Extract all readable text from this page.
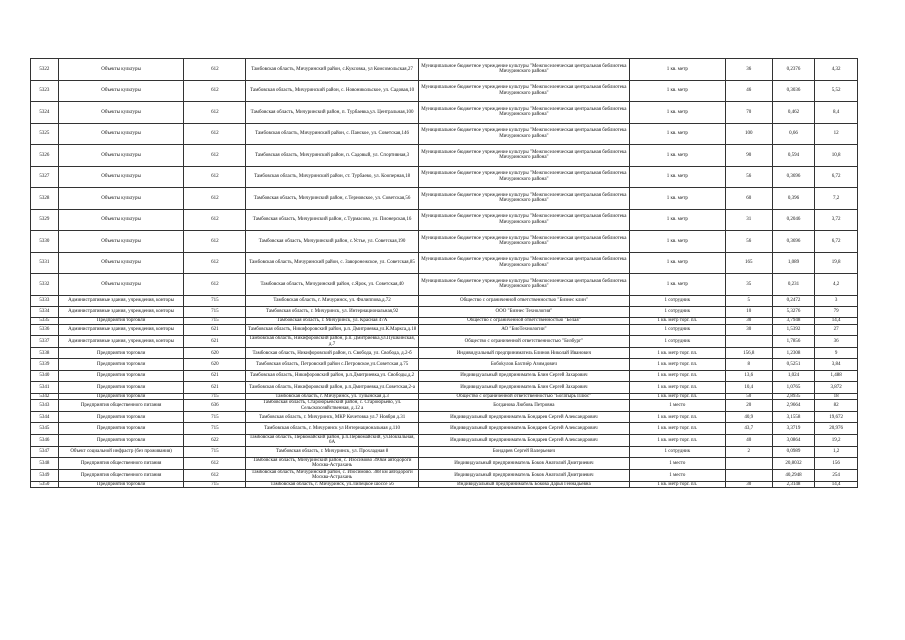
5322	Объекты культуры	612	Тамбовская область, Мичуринский район, с.Куксовка, ул Комсомольская,27	Муниципальное бюджетное учреждение культуры "Межпоселенческая центральная библиотека Мичуринского района"	1 кв. метр	36	0,2376	4,32
5323	Объекты культуры	612	Тамбовская область, Мичуринский район, с. Новоникольское, ул. Садовая,10	Муниципальное бюджетное учреждение культуры "Межпоселенческая центральная библиотека Мичуринского района"	1 кв. метр	46	0,3036	5,52
5324	Объекты культуры	612	Тамбовская область, Мичуринский район, п. Турбаевка,ул. Центральная,100	Муниципальное бюджетное учреждение культуры "Межпоселенческая центральная библиотека Мичуринского района"	1 кв. метр	70	0,462	8,4
5325	Объекты культуры	612	Тамбовская область, Мичуринский район, с. Панское, ул. Советская,146	Муниципальное бюджетное учреждение культуры "Межпоселенческая центральная библиотека Мичуринского района"	1 кв. метр	100	0,66	12
5326	Объекты культуры	612	Тамбовская область, Мичуринский район, п. Садовый, ул. Спортивная,3	Муниципальное бюджетное учреждение культуры "Межпоселенческая центральная библиотека Мичуринского района"	1 кв. метр	90	0,594	10,8
5327	Объекты культуры	612	Тамбовская область, Мичуринский район, ст. Турбаево, ул. Кооперная,18	Муниципальное бюджетное учреждение культуры "Межпоселенческая центральная библиотека Мичуринского района"	1 кв. метр	56	0,3696	6,72
5328	Объекты культуры	612	Тамбовская область, Мичуринский район, с.Терновское, ул. Советская,56	Муниципальное бюджетное учреждение культуры "Межпоселенческая центральная библиотека Мичуринского района"	1 кв. метр	60	0,396	7,2
5329	Объекты культуры	612	Тамбовская область, Мичуринский район, с.Турмасово, ул. Пионерская,16	Муниципальное бюджетное учреждение культуры "Межпоселенческая центральная библиотека Мичуринского района"	1 кв. метр	31	0,2046	3,72
5330	Объекты культуры	612	Тамбовская область, Мичуринский район, с.Устье, ул. Советская,190	Муниципальное бюджетное учреждение культуры "Межпоселенческая центральная библиотека Мичуринского района"	1 кв. метр	56	0,3696	6,72
5331	Объекты культуры	612	Тамбовская область, Мичуринский район, с. Заворонежское, ул. Советская,85	Муниципальное бюджетное учреждение культуры "Межпоселенческая центральная библиотека Мичуринского района"	1 кв. метр	165	1,089	19,8
5332	Объекты культуры	612	Тамбовская область, Мичуринский район, с.Ярок, ул. Советская,40	Муниципальное бюджетное учреждение культуры "Межпоселенческая центральная библиотека Мичуринского района"	1 кв. метр	35	0,231	4,2
5333	Административные здания, учреждения, конторы	715	Тамбовская область, г. Мичуринск, ул. Филиппова,д.72	Общество с ограниченной ответственностью "Бизнес клин"	1 сотрудник	5	0,2472	3
5334	Административные здания, учреждения, конторы	715	Тамбовская область, г. Мичуринск, ул. Интернациональная,92	ООО "Бизнес Технология"	1 сотрудник	10	5,3276	79
5335	Предприятия торговли	715	Тамбовская область, г. Мичуринск, ул. Красная 47А	Общество с ограниченной ответственностью "Белая"	1 кв. метр торг. пл.	30	3,7948	14,4
5336	Административные здания, учреждения, конторы	621	Тамбовская область, Никифоровский район, р.п. Дмитриевка,ул.К.Маркса,д.18	АО "БиоТехнологии"	1 сотрудник	30	1,5392	27
5337	Административные здания, учреждения, конторы	621	Тамбовская область, Никифоровский район, р.п. Дмитриевка,ул.Пушкинская, д.7	Общество с ограниченной ответственностью "Бизбург"	1 сотрудник		1,7856	36
5338	Предприятия торговли	620	Тамбовская область, Никифоровский район, п. Свобода, ул. Свобода, д.2-б	Индивидуальный предприниматель Блинов Николай Иванович	1 кв. метр торг. пл.	156,8	1,2308	9
5339	Предприятия торговли	620	Тамбовская область, Петровский район с.Петровское,ул.Советская д.75	Бобоkулов Бахтиёр Азимдович	1 кв. метр торг. пл.	8	0,5251	3,84
5340	Предприятия торговли	621	Тамбовская область, Никифоровский район, р.п.Дмитриевка,ул. Свободы,д.2	Индивидуальный предприниматель Блин Сергей Захарович	1 кв. метр торг. пл.	13,6	1,024	1,488
5341	Предприятия торговли	621	Тамбовская область, Никифоровский район, р.п.Дмитриевка,ул.Советская,2-а	Индивидуальный предприниматель Блин Сергей Захарович	1 кв. метр торг. пл.	10,4	1,0765	3,872
5342	Предприятия торговли	715	Тамбовская область, г. Мичуринск, ул. Тулынская д.3	Общество с ограниченной ответственностью "Богатырь Плюс"	1 кв. метр торг. пл.	50	2,8935	18
5343	Предприятия общественного питания	636	Тамбовская область, Староюрьевский район, с. Староюрьево, ул. Сельскохозяйственная, д.12 а	Богданова Любовь Петровна	1 место	20	2,9664	82
5344	Предприятия торговли	715	Тамбовская область, г. Мичуринск, МКР Кочетовка ул.7 Ноября д.31	Индивидуальный предприниматель Бондарев Сергей Александрович	1 кв. метр торг. пл.	40,9	3,1558	19,672
5345	Предприятия торговли	715	Тамбовская область, г. Мичуринск ул Интернациональная д.110	Индивидуальный предприниматель Бондарев Сергей Александрович	1 кв. метр торг. пл.	43,7	3,3719	20,976
5346	Предприятия торговли	622	Тамбовская область, Первомайский район, р.п.Первомайский, ул.Вокзальная, 6А	Индивидуальный предприниматель Бондарев Сергей Александрович	1 кв. метр торг. пл.	40	3,0864	19,2
5347	Объект социальной инфрастр (без проживания)	715	Тамбовская область, г. Мичуринск, ул. Прохладная 8	Бондарев Сергей Валерьевич	1 сотрудник	2	0,0989	1,2
5348	Предприятия общественного питания	612	Тамбовская область, Мичуринский район, с. Изосимово 390км автодороги Москва-Астрахань	Индивидуальный предприниматель Боков Анатолий Дмитриевич	1 место		20,8032	156
5349	Предприятия общественного питания	612	Тамбовская область, Мичуринский район, с. Изосимово. 388 км автодороги Москва-Астрахань	Индивидуальный предприниматель Боков Анатолий Дмитриевич	1 место		40,2948	254
5350	Предприятия торговли	715	Тамбовская область, г. Мичуринск, ул.Липецкое шоссе 56	Индивидуальный предприниматель Бокова Дарья Геннадьевна	1 кв. метр торг. пл.	30	2,3148	14,4
